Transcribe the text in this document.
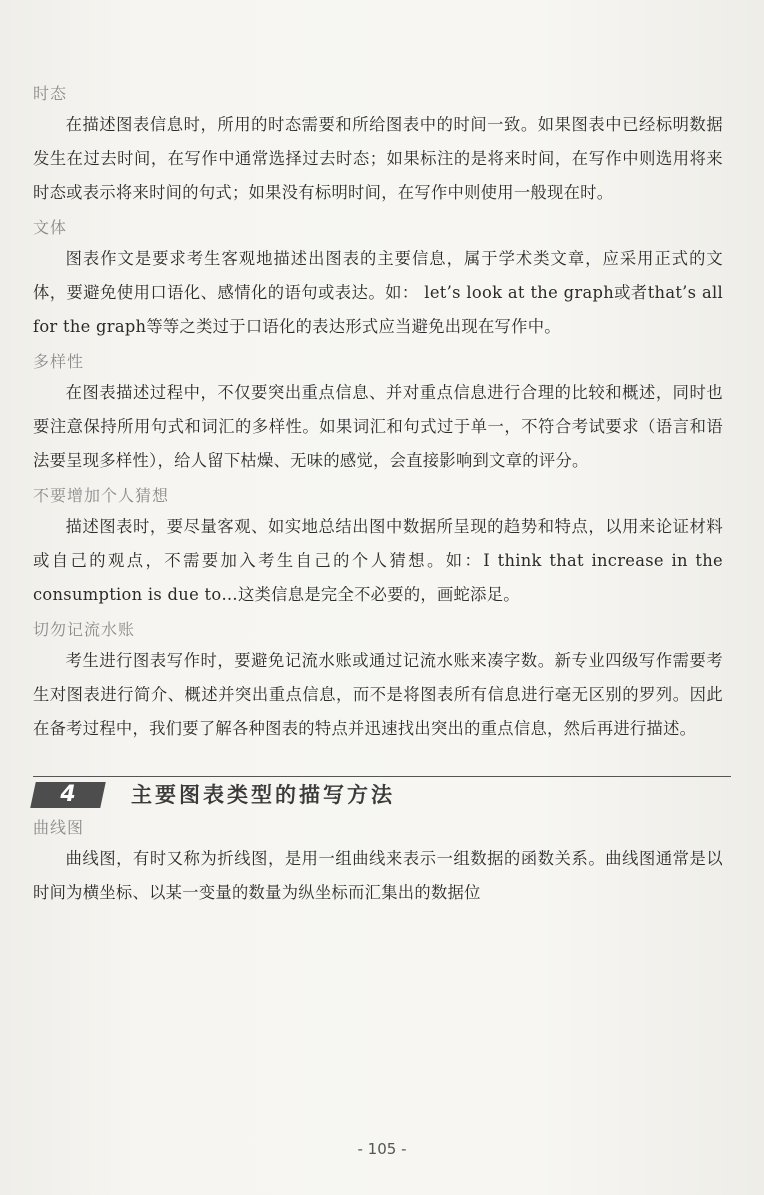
时态

在描述图表信息时，所用的时态需要和所给图表中的时间一致。如果图表中已经标明数据发生在过去时间，在写作中通常选择过去时态；如果标注的是将来时间，在写作中则选用将来时态或表示将来时间的句式；如果没有标明时间，在写作中则使用一般现在时。

文体

图表作文是要求考生客观地描述出图表的主要信息，属于学术类文章，应采用正式的文体，要避免使用口语化、感情化的语句或表达。如： let’s look at the graph或者that’s all for the graph等等之类过于口语化的表达形式应当避免出现在写作中。

多样性

在图表描述过程中，不仅要突出重点信息、并对重点信息进行合理的比较和概述，同时也要注意保持所用句式和词汇的多样性。如果词汇和句式过于单一，不符合考试要求（语言和语法要呈现多样性），给人留下枯燥、无味的感觉，会直接影响到文章的评分。

不要增加个人猜想

描述图表时，要尽量客观、如实地总结出图中数据所呈现的趋势和特点，以用来论证材料或自己的观点，不需要加入考生自己的个人猜想。如：I think that increase in the consumption is due to…这类信息是完全不必要的，画蛇添足。

切勿记流水账

考生进行图表写作时，要避免记流水账或通过记流水账来凑字数。新专业四级写作需要考生对图表进行简介、概述并突出重点信息，而不是将图表所有信息进行毫无区别的罗列。因此在备考过程中，我们要了解各种图表的特点并迅速找出突出的重点信息，然后再进行描述。

4	主要图表类型的描写方法
曲线图

曲线图，有时又称为折线图，是用一组曲线来表示一组数据的函数关系。曲线图通常是以时间为横坐标、以某一变量的数量为纵坐标而汇集出的数据位

- 105 -
